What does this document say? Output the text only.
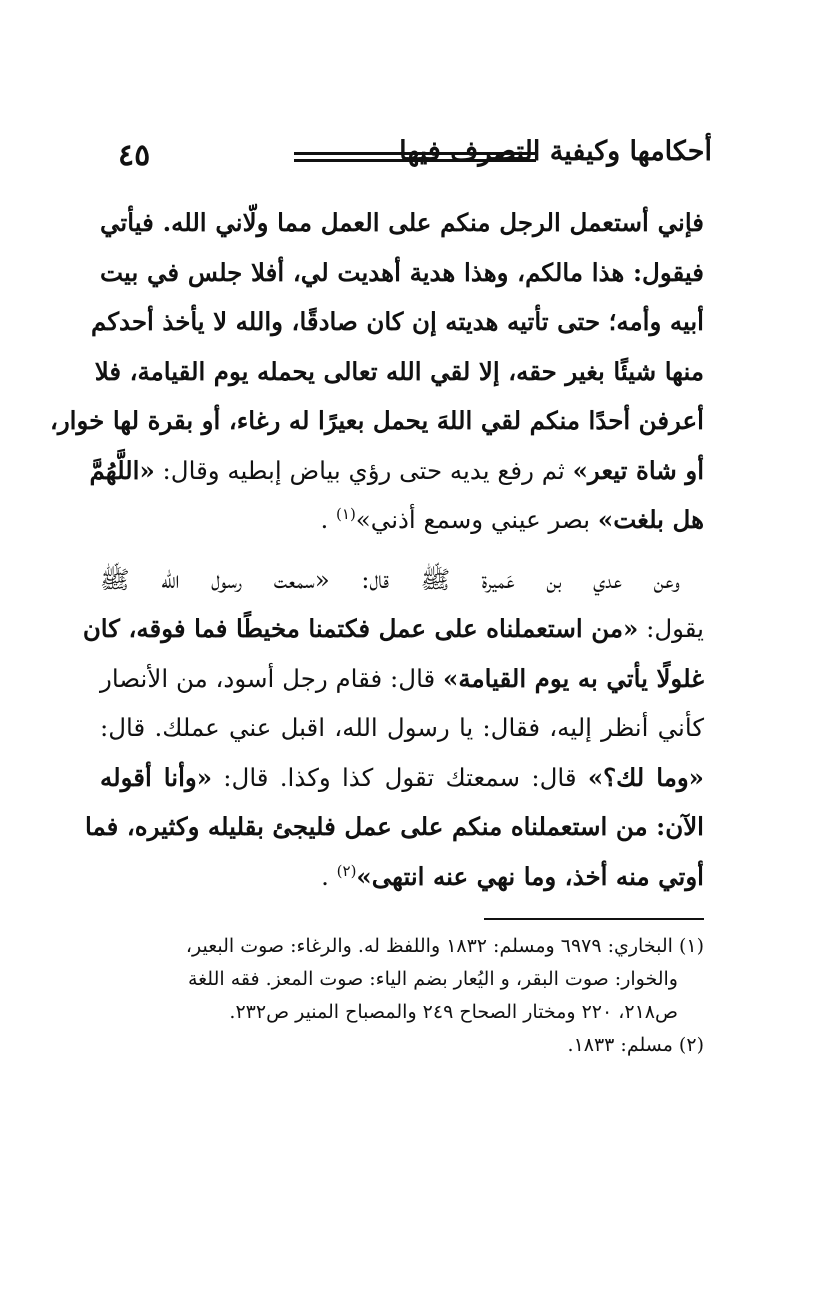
٤٥	أحكامها وكيفية التصرف فيها
فإني أستعمل الرجل منكم على العمل مما ولّاني الله. فيأتي
فيقول: هذا مالكم، وهذا هدية أهديت لي، أفلا جلس في بيت
أبيه وأمه؛ حتى تأتيه هديته إن كان صادقًا، والله لا يأخذ أحدكم
منها شيئًا بغير حقه، إلا لقي الله تعالى يحمله يوم القيامة، فلا
أعرفن أحدًا منكم لقي اللهَ يحمل بعيرًا له رغاء، أو بقرة لها خوار،
أو شاة تيعر» ثم رفع يديه حتى رؤي بياض إبطيه وقال: «اللَّهُمَّ
هل بلغت» بصر عيني وسمع أذني»$^{(١)}$ .
وعن عدي بن عَميرة ﷺ قال: «سمعت رسول الله ﷺ
يقول: «من استعملناه على عمل فكتمنا مخيطًا فما فوقه، كان
غلولًا يأتي به يوم القيامة» قال: فقام رجل أسود، من الأنصار
كأني أنظر إليه، فقال: يا رسول الله، اقبل عني عملك. قال:
«وما لك؟» قال: سمعتك تقول كذا وكذا. قال: «وأنا أقوله
الآن: من استعملناه منكم على عمل فليجئ بقليله وكثيره، فما
أوتي منه أخذ، وما نهي عنه انتهى»$^{(٢)}$ .
(١) البخاري: ٦٩٧٩ ومسلم: ١٨٣٢ واللفظ له. والرغاء: صوت البعير،
والخوار: صوت البقر، و اليُعار بضم الياء: صوت المعز. فقه اللغة
ص٢١٨، ٢٢٠ ومختار الصحاح ٢٤٩ والمصباح المنير ص٢٣٢.
(٢) مسلم: ١٨٣٣.
